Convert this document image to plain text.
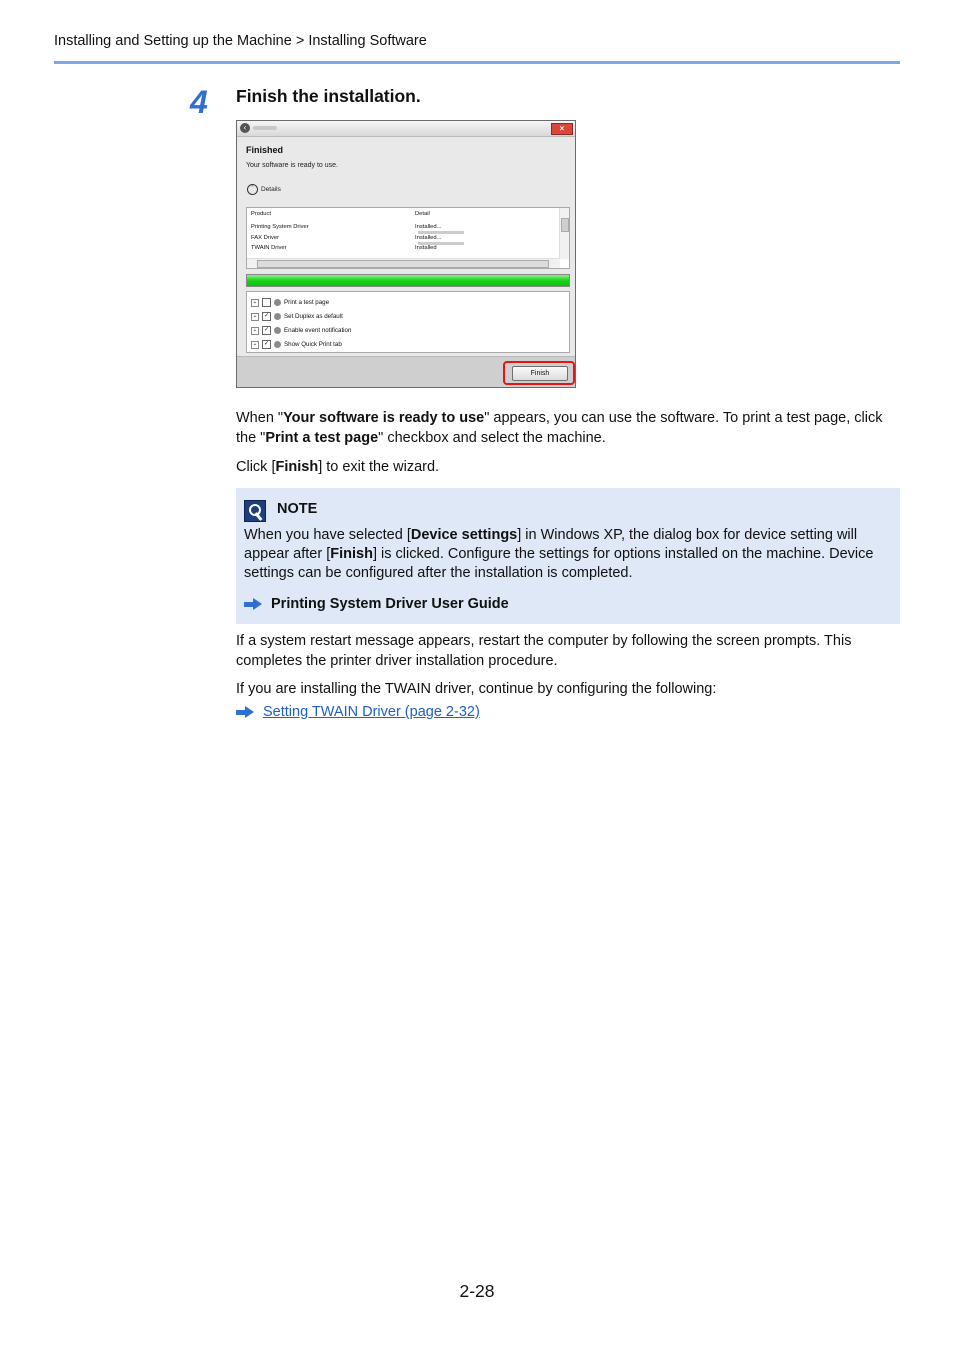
Installing and Setting up the Machine > Installing Software
4 Finish the installation.
‹	×
Finished
Your software is ready to use.
ˆ	Details
Product	Detail
Printing System Driver	Installed...
FAX Driver	Installed...
TWAIN Driver	Installed
+	Print a test page
+ ✓ Set Duplex as default
+ ✓ Enable event notification
+ ✓ Show Quick Print tab
Finish
When "Your software is ready to use" appears, you can use the software. To print a test page, click the "Print a test page" checkbox and select the machine.
Click [Finish] to exit the wizard.
NOTE
When you have selected [Device settings] in Windows XP, the dialog box for device setting will appear after [Finish] is clicked. Configure the settings for options installed on the machine. Device settings can be configured after the installation is completed.
Printing System Driver User Guide
If a system restart message appears, restart the computer by following the screen prompts. This completes the printer driver installation procedure.
If you are installing the TWAIN driver, continue by configuring the following:
Setting TWAIN Driver (page 2-32)
2-28
